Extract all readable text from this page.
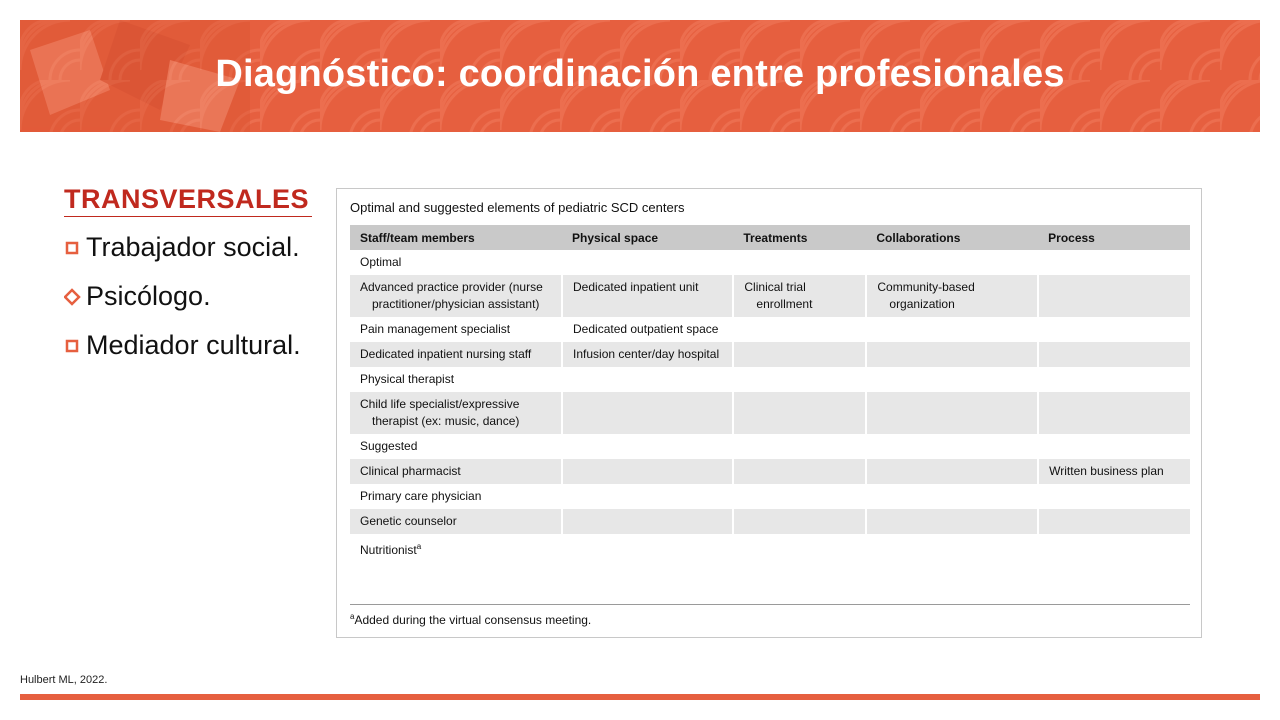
Diagnóstico: coordinación entre profesionales
TRANSVERSALES
Trabajador social.
Psicólogo.
Mediador cultural.
Optimal and suggested elements of pediatric SCD centers
Staff/team members	Physical space	Treatments	Collaborations	Process
Optimal				

Advanced practice provider (nurse practitioner/physician assistant)	Dedicated inpatient unit	Clinical trial enrollment	Community-based organization	

Pain management specialist	Dedicated outpatient space			

Dedicated inpatient nursing staff	Infusion center/day hospital			

Physical therapist				

Child life specialist/expressive therapist (ex: music, dance)				

Suggested				

Clinical pharmacist				Written business plan

Primary care physician				

Genetic counselor				

Nutritionist$^a$	

$^a$Added during the virtual consensus meeting.
Hulbert ML, 2022.
